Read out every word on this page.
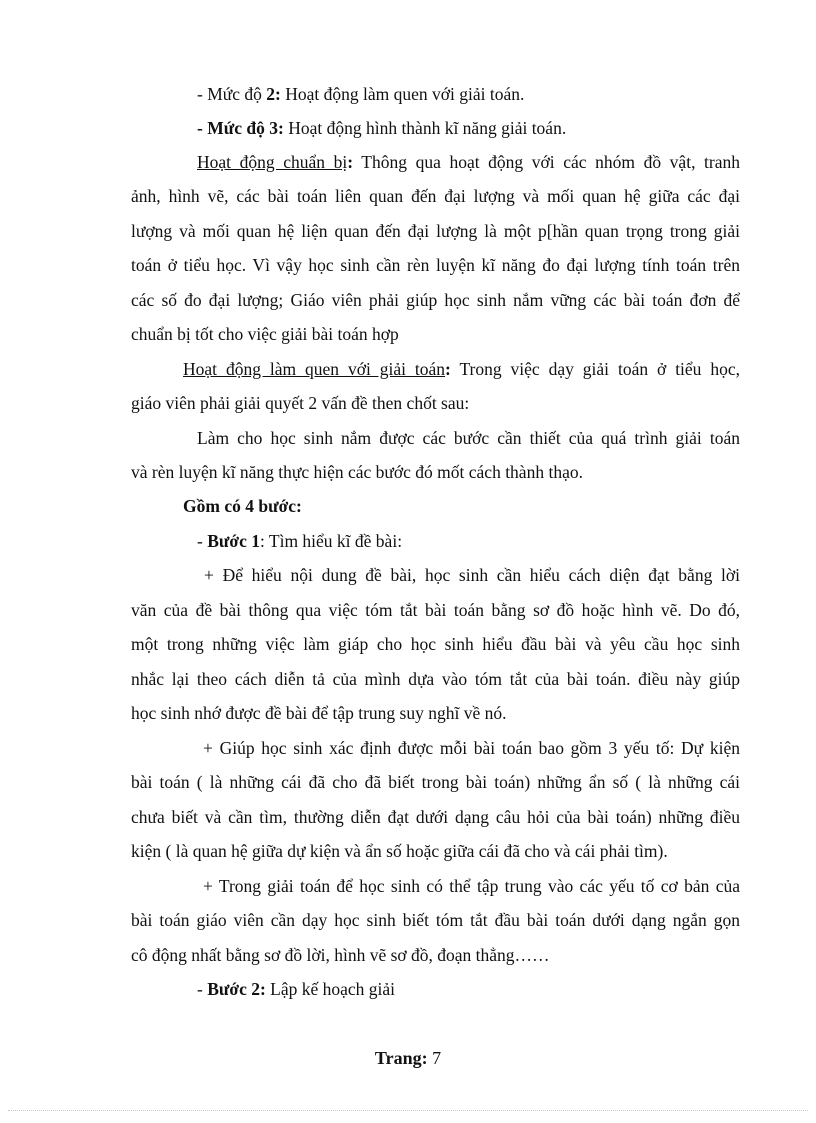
- Mức độ 2: Hoạt động làm quen với giải toán.
- Mức độ 3: Hoạt động hình thành kĩ năng giải toán.
Hoạt động chuẩn bị: Thông qua hoạt động với các nhóm đồ vật, tranh
ảnh, hình vẽ, các bài toán liên quan đến đại lượng và mối quan hệ giữa các đại
lượng và mối quan hệ liện quan đến đại lượng là một p[hần quan trọng trong giải
toán ở tiểu học. Vì vậy học sinh cần rèn luyện kĩ năng đo đại lượng tính toán trên
các số đo đại lượng; Giáo viên phải giúp học sinh nắm vững các bài toán đơn để
chuẩn bị tốt cho việc giải bài toán hợp
Hoạt động làm quen với giải toán: Trong việc dạy giải toán ở tiểu học,
giáo viên phải giải quyết 2 vấn đề then chốt sau:
Làm cho học sinh nắm được các bước cần thiết của quá trình giải toán
và rèn luyện kĩ năng thực hiện các bước đó mốt cách thành thạo.
Gồm có 4 bước:
- Bước 1: Tìm hiểu kĩ đề bài:
+ Để hiểu nội dung đề bài, học sinh cần hiểu cách diện đạt bằng lời
văn của đề bài thông qua việc tóm tắt bài toán bằng sơ đồ hoặc hình vẽ. Do đó,
một trong những việc làm giáp cho học sinh hiểu đầu bài và yêu cầu học sinh
nhắc lại theo cách diễn tả của mình dựa vào tóm tắt của bài toán. điều này giúp
học sinh nhớ được đề bài để tập trung suy nghĩ về nó.
+ Giúp học sinh xác định được mỗi bài toán bao gồm 3 yếu tố: Dự kiện
bài toán ( là những cái đã cho đã biết trong bài toán) những ẩn số ( là những cái
chưa biết và cần tìm, thường diễn đạt dưới dạng câu hỏi của bài toán) những điều
kiện ( là quan hệ giữa dự kiện và ẩn số hoặc giữa cái đã cho và cái phải tìm).
+ Trong giải toán để học sinh có thể tập trung vào các yếu tố cơ bản của
bài toán giáo viên cần dạy học sinh biết tóm tắt đầu bài toán dưới dạng ngắn gọn
cô động nhất bằng sơ đồ lời, hình vẽ sơ đồ, đoạn thẳng……
- Bước 2: Lập kế hoạch giải
Trang: 7
